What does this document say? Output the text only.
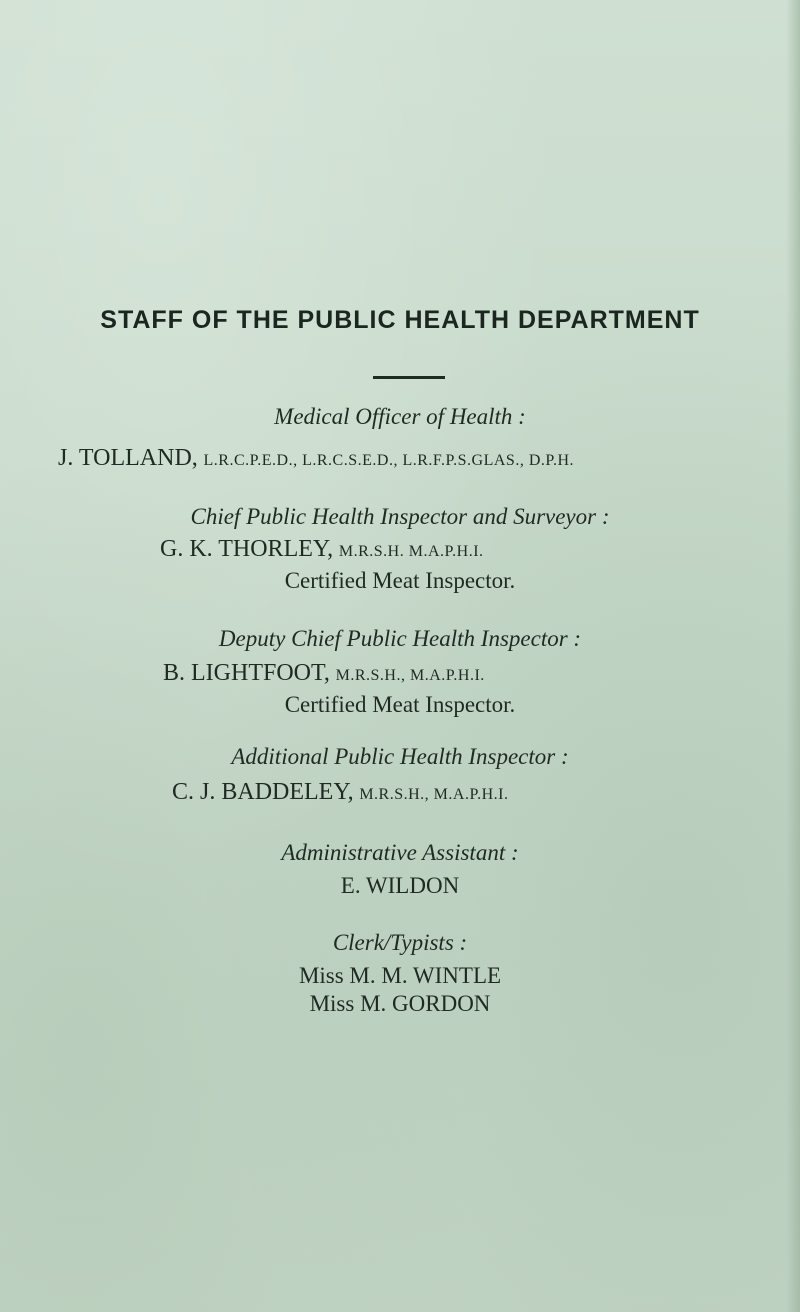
STAFF OF THE PUBLIC HEALTH DEPARTMENT
Medical Officer of Health :
J. TOLLAND, L.R.C.P.E.D., L.R.C.S.E.D., L.R.F.P.S.GLAS., D.P.H.
Chief Public Health Inspector and Surveyor :
G. K. THORLEY, M.R.S.H. M.A.P.H.I.
Certified Meat Inspector.
Deputy Chief Public Health Inspector :
B. LIGHTFOOT, M.R.S.H., M.A.P.H.I.
Certified Meat Inspector.
Additional Public Health Inspector :
C. J. BADDELEY, M.R.S.H., M.A.P.H.I.
Administrative Assistant :
E. WILDON
Clerk/Typists :
Miss M. M. WINTLE
Miss M. GORDON
